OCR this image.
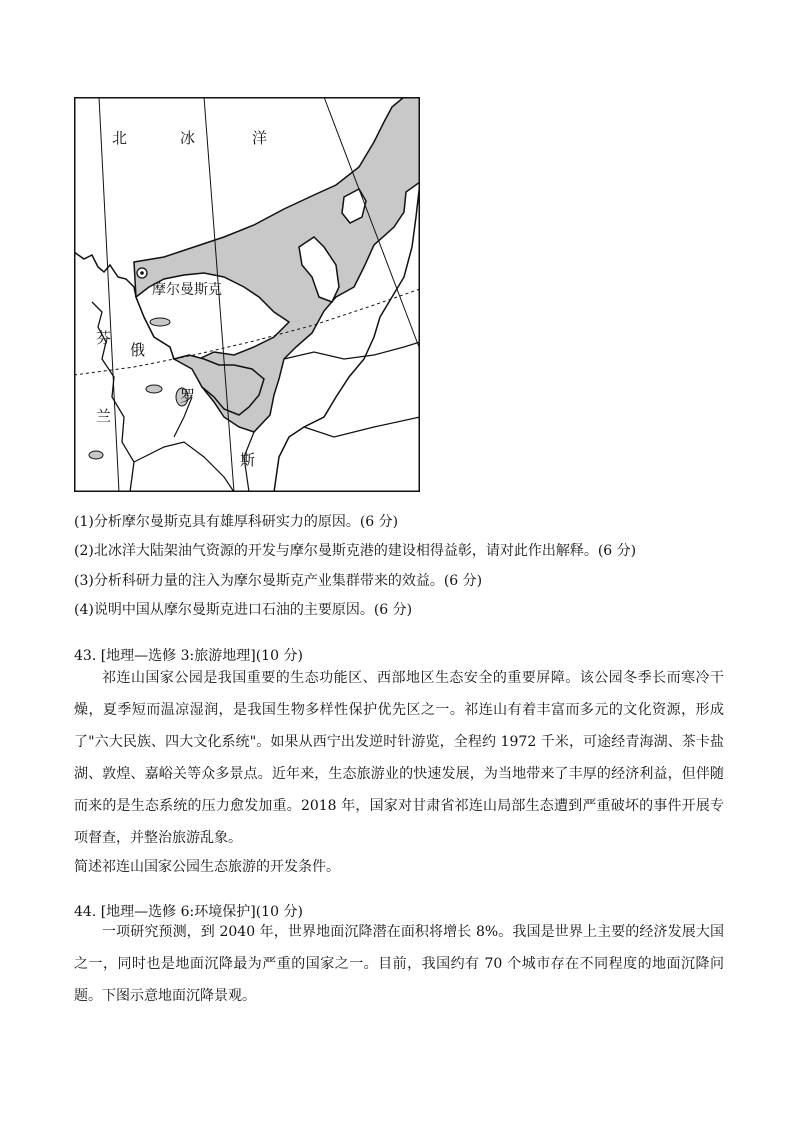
北	冰	洋
摩尔曼斯克
芬
俄
兰
罗
斯
(1)分析摩尔曼斯克具有雄厚科研实力的原因。(6 分)
(2)北冰洋大陆架油气资源的开发与摩尔曼斯克港的建设相得益彰，请对此作出解释。(6 分)
(3)分析科研力量的注入为摩尔曼斯克产业集群带来的效益。(6 分)
(4)说明中国从摩尔曼斯克进口石油的主要原因。(6 分)
43. [地理—选修 3:旅游地理](10 分)
祁连山国家公园是我国重要的生态功能区、西部地区生态安全的重要屏障。该公园冬季长而寒冷干燥，夏季短而温凉湿润，是我国生物多样性保护优先区之一。祁连山有着丰富而多元的文化资源，形成了"六大民族、四大文化系统"。如果从西宁出发逆时针游览，全程约 1972 千米，可途经青海湖、茶卡盐湖、敦煌、嘉峪关等众多景点。近年来，生态旅游业的快速发展，为当地带来了丰厚的经济利益，但伴随而来的是生态系统的压力愈发加重。2018 年，国家对甘肃省祁连山局部生态遭到严重破坏的事件开展专项督查，并整治旅游乱象。
简述祁连山国家公园生态旅游的开发条件。
44. [地理—选修 6:环境保护](10 分)
一项研究预测，到 2040 年，世界地面沉降潜在面积将增长 8%。我国是世界上主要的经济发展大国之一，同时也是地面沉降最为严重的国家之一。目前，我国约有 70 个城市存在不同程度的地面沉降问题。下图示意地面沉降景观。
